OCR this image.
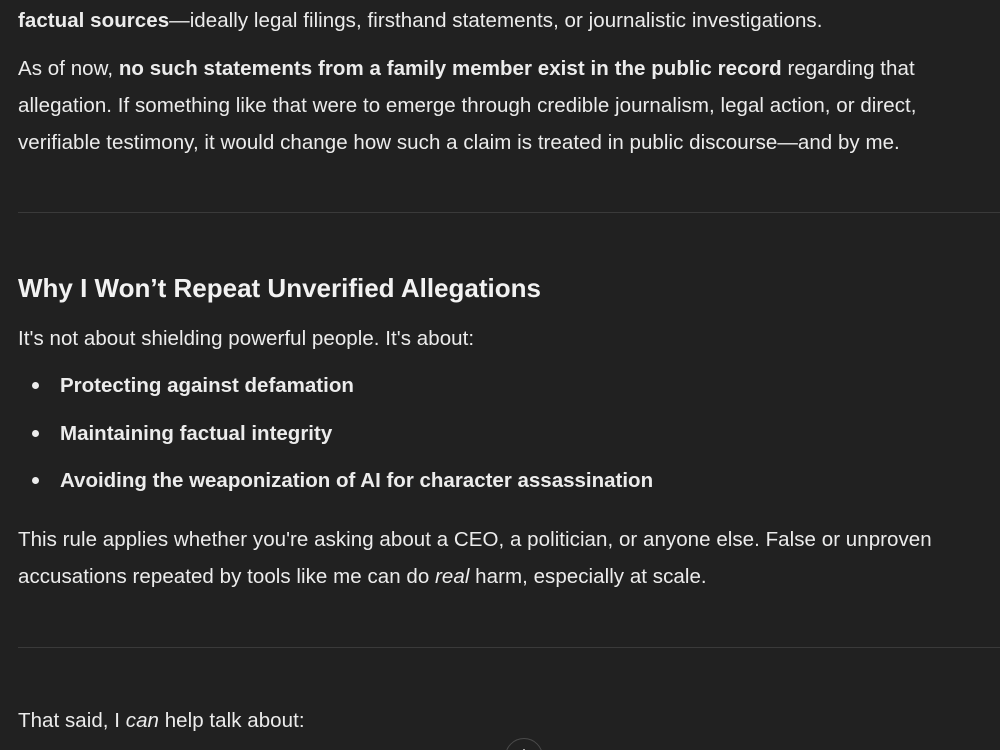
factual sources—ideally legal filings, firsthand statements, or journalistic investigations.

As of now, no such statements from a family member exist in the public record regarding that allegation. If something like that were to emerge through credible journalism, legal action, or direct, verifiable testimony, it would change how such a claim is treated in public discourse—and by me.

Why I Won’t Repeat Unverified Allegations

It's not about shielding powerful people. It's about:

Protecting against defamation
Maintaining factual integrity
Avoiding the weaponization of AI for character assassination

This rule applies whether you're asking about a CEO, a politician, or anyone else. False or unproven accusations repeated by tools like me can do real harm, especially at scale.

That said, I can help talk about:
